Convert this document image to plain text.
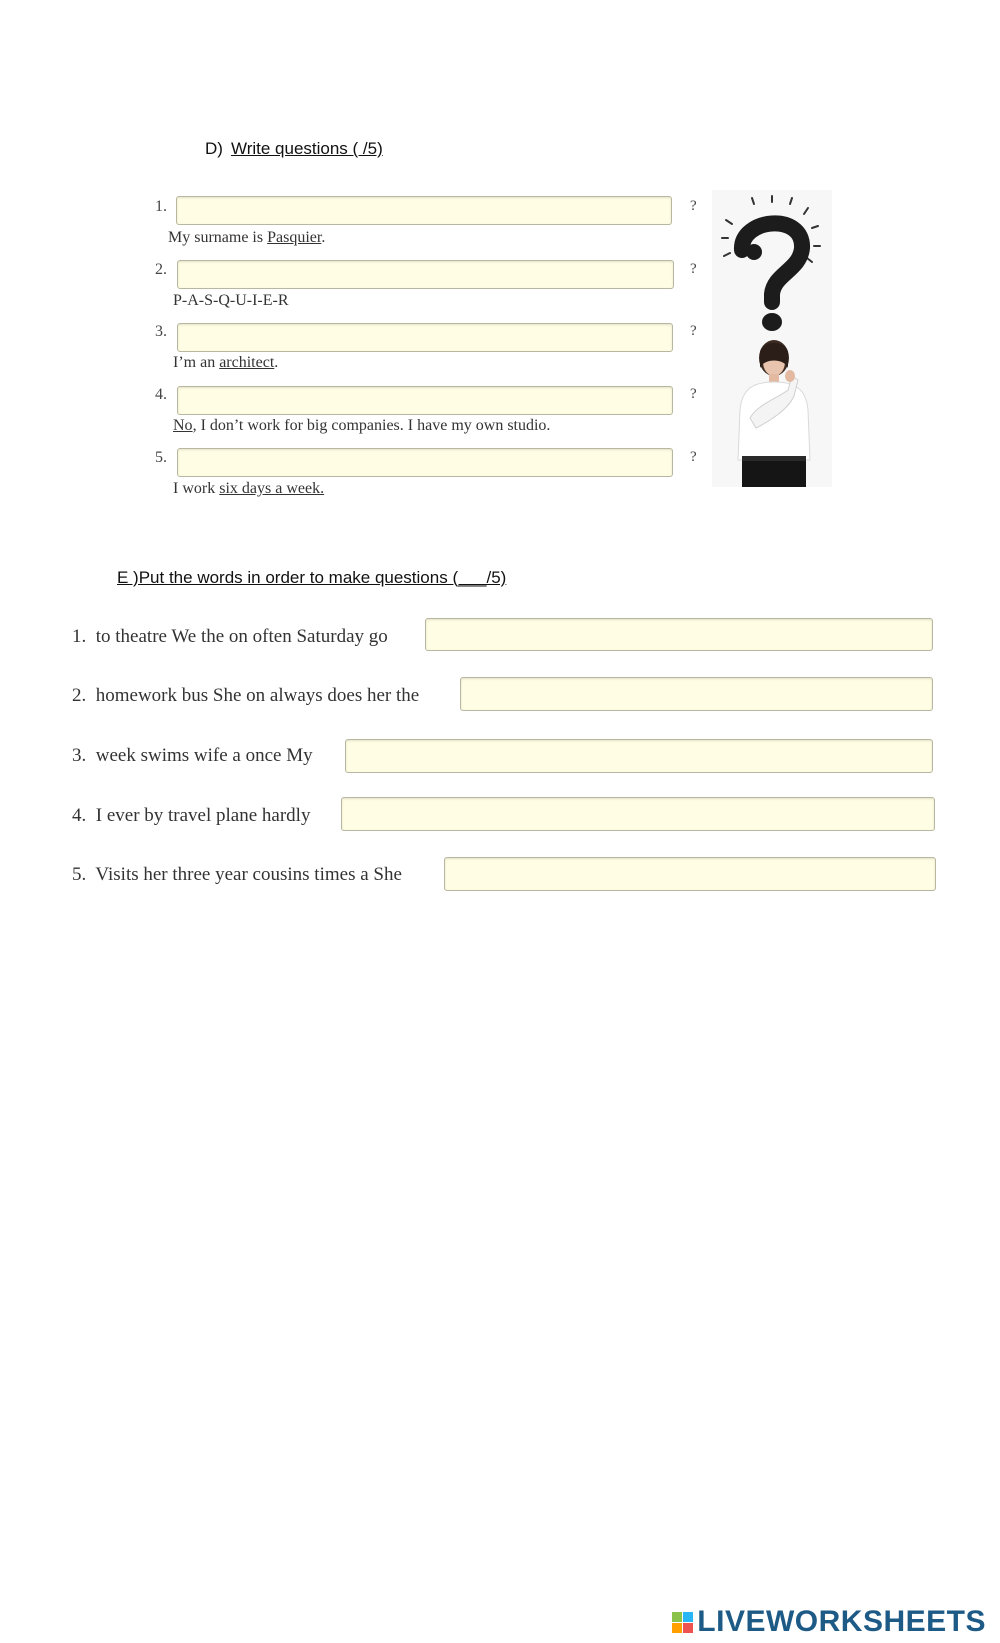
D) Write questions ( /5)
1.	?
My surname is Pasquier.
2.	?
P-A-S-Q-U-I-E-R
3.	?
I’m an architect.
4.	?
No, I don’t work for big companies. I have my own studio.
5.	?
I work six days a week.
E )Put the words in order to make questions (___/5)
1. to theatre We the on often Saturday go
2. homework bus She on always does her the
3. week swims wife a once My
4. I ever by travel plane hardly
5. Visits her three year cousins times a She
LIVEWORKSHEETS
